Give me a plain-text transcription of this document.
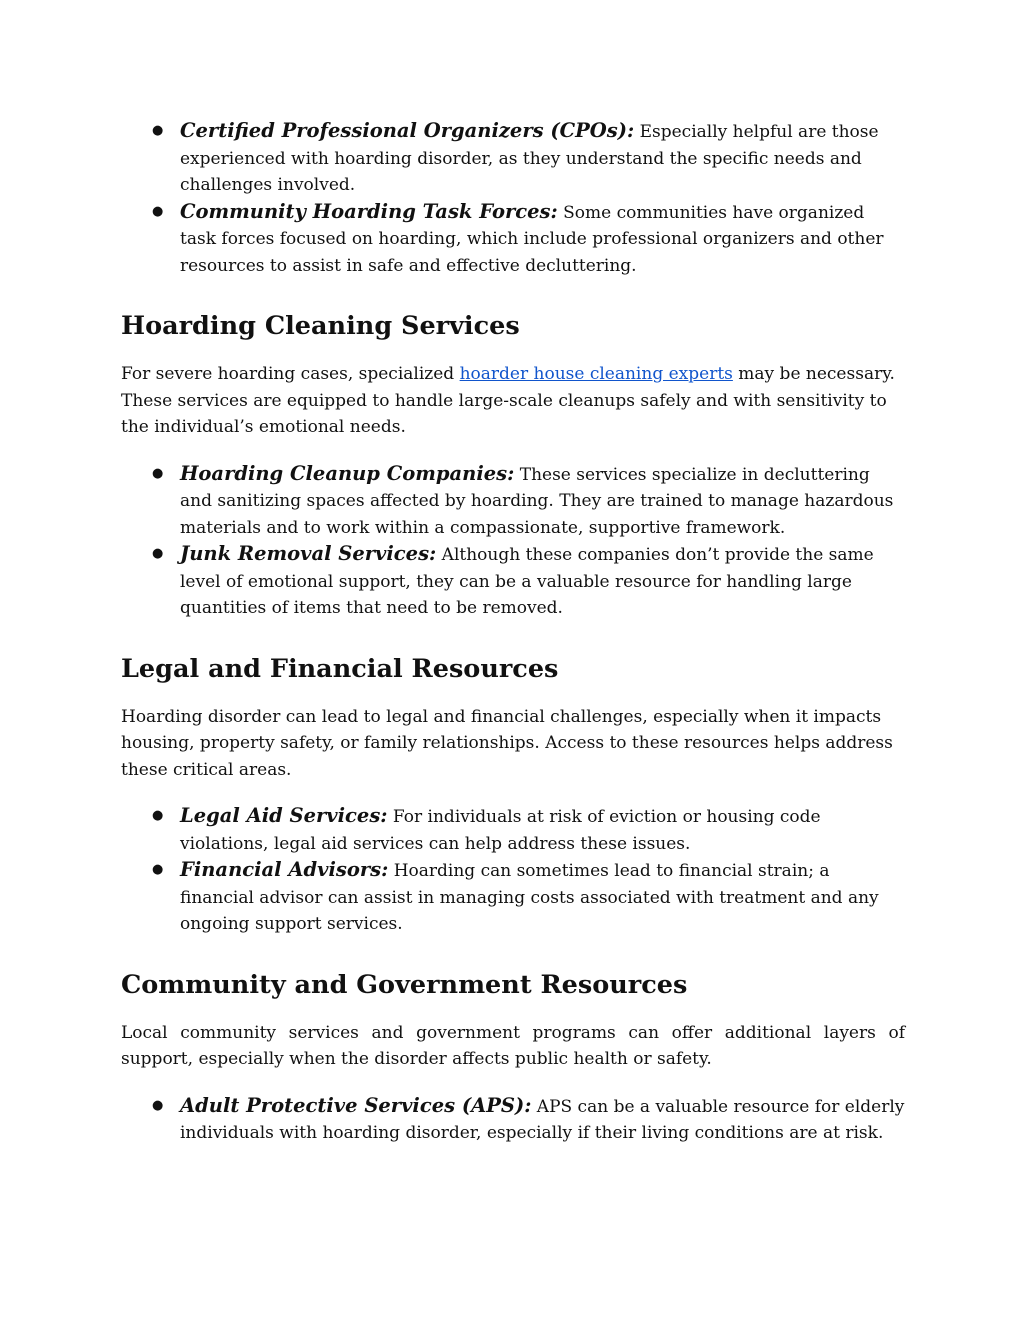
● Certified Professional Organizers (CPOs): Especially helpful are those experienced with hoarding disorder, as they understand the specific needs and challenges involved.
● Community Hoarding Task Forces: Some communities have organized task forces focused on hoarding, which include professional organizers and other resources to assist in safe and effective decluttering.
Hoarding Cleaning Services

For severe hoarding cases, specialized hoarder house cleaning experts may be necessary. These services are equipped to handle large-scale cleanups safely and with sensitivity to the individual’s emotional needs.

● Hoarding Cleanup Companies: These services specialize in decluttering and sanitizing spaces affected by hoarding. They are trained to manage hazardous materials and to work within a compassionate, supportive framework.
● Junk Removal Services: Although these companies don’t provide the same level of emotional support, they can be a valuable resource for handling large quantities of items that need to be removed.
Legal and Financial Resources

Hoarding disorder can lead to legal and financial challenges, especially when it impacts housing, property safety, or family relationships. Access to these resources helps address these critical areas.

● Legal Aid Services: For individuals at risk of eviction or housing code violations, legal aid services can help address these issues.
● Financial Advisors: Hoarding can sometimes lead to financial strain; a financial advisor can assist in managing costs associated with treatment and any ongoing support services.
Community and Government Resources

Local community services and government programs can offer additional layers of support, especially when the disorder affects public health or safety.

● Adult Protective Services (APS): APS can be a valuable resource for elderly individuals with hoarding disorder, especially if their living conditions are at risk.
